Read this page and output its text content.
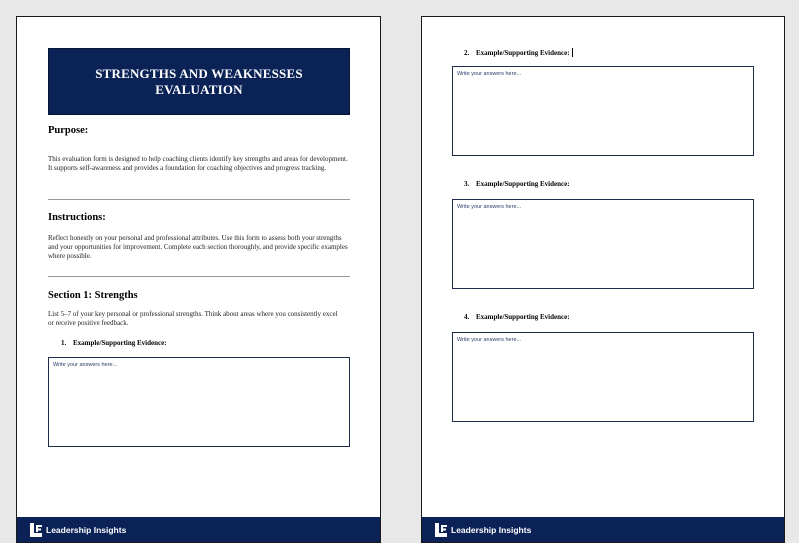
STRENGTHS AND WEAKNESSES EVALUATION
Purpose:

This evaluation form is designed to help coaching clients identify key strengths and areas for development. It supports self-awareness and provides a foundation for coaching objectives and progress tracking.

Instructions:

Reflect honestly on your personal and professional attributes. Use this form to assess both your strengths and your opportunities for improvement. Complete each section thoroughly, and provide specific examples where possible.

Section 1: Strengths

List 5–7 of your key personal or professional strengths. Think about areas where you consistently excel or receive positive feedback.

1. Example/Supporting Evidence:
Write your answers here...
Leadership Insights
2. Example/Supporting Evidence:
Write your answers here...
3. Example/Supporting Evidence:
Write your answers here...
4. Example/Supporting Evidence:
Write your answers here...
Leadership Insights
